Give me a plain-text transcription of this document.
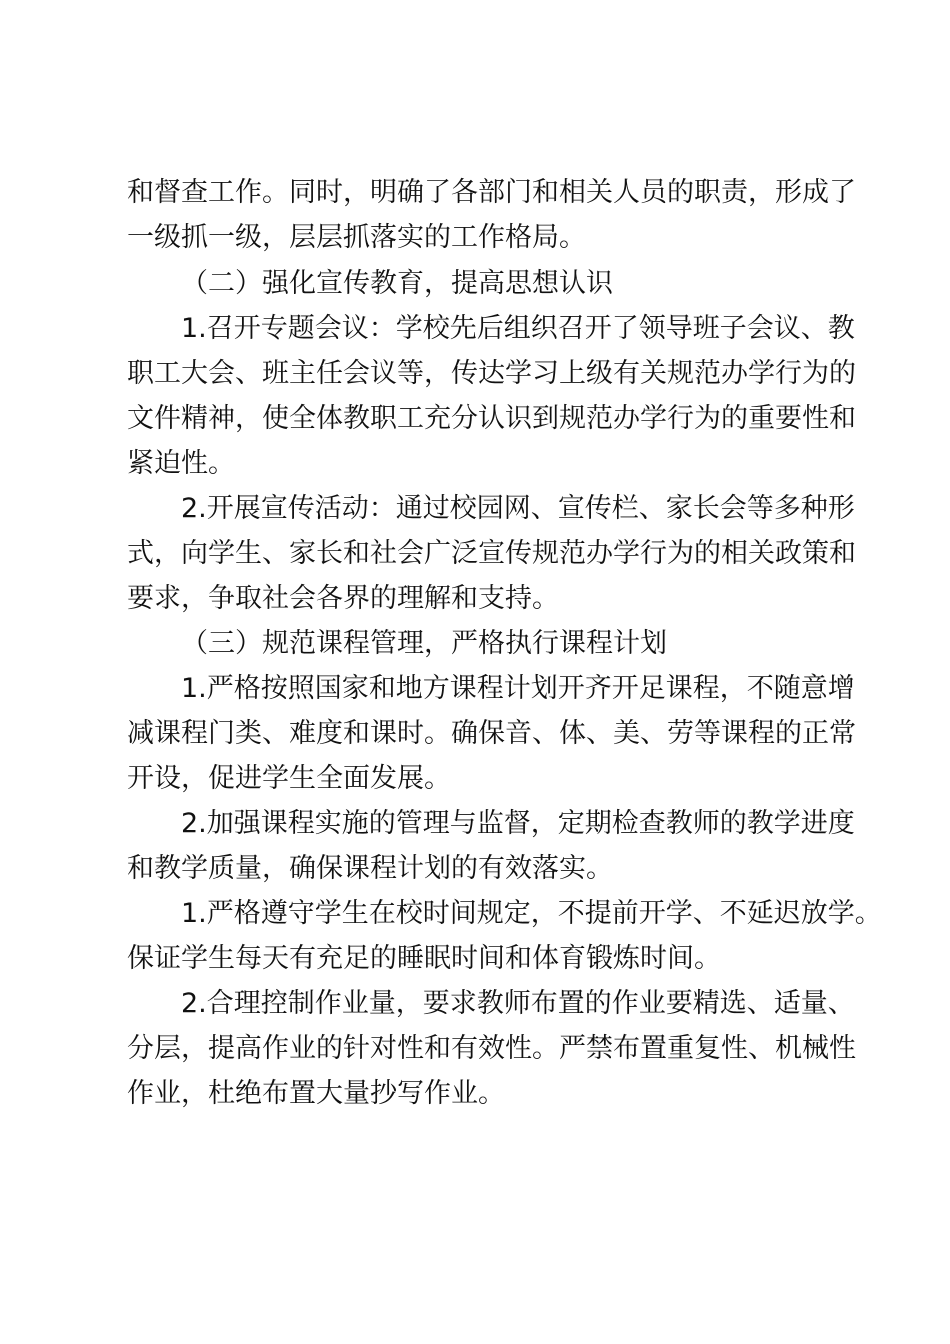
和督查工作。同时，明确了各部门和相关人员的职责，形成了

一级抓一级，层层抓落实的工作格局。

（二）强化宣传教育，提高思想认识

1.召开专题会议：学校先后组织召开了领导班子会议、教

职工大会、班主任会议等，传达学习上级有关规范办学行为的

文件精神，使全体教职工充分认识到规范办学行为的重要性和

紧迫性。

2.开展宣传活动：通过校园网、宣传栏、家长会等多种形

式，向学生、家长和社会广泛宣传规范办学行为的相关政策和

要求，争取社会各界的理解和支持。

（三）规范课程管理，严格执行课程计划

1.严格按照国家和地方课程计划开齐开足课程，不随意增

减课程门类、难度和课时。确保音、体、美、劳等课程的正常

开设，促进学生全面发展。

2.加强课程实施的管理与监督，定期检查教师的教学进度

和教学质量，确保课程计划的有效落实。

1.严格遵守学生在校时间规定，不提前开学、不延迟放学。

保证学生每天有充足的睡眠时间和体育锻炼时间。

2.合理控制作业量，要求教师布置的作业要精选、适量、

分层，提高作业的针对性和有效性。严禁布置重复性、机械性

作业，杜绝布置大量抄写作业。
